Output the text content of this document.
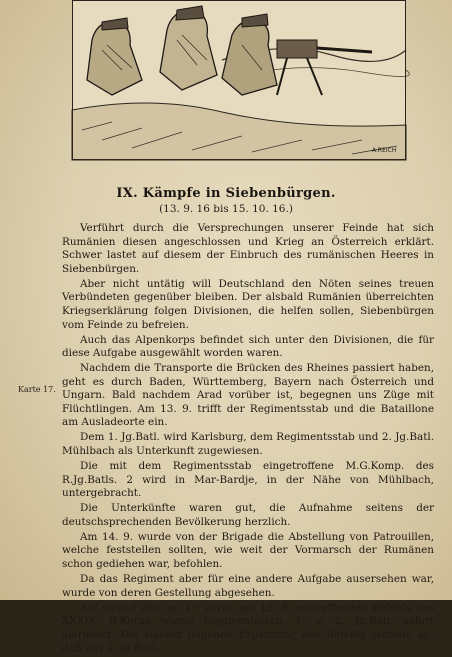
A.REICH
IX. Kämpfe in Siebenbürgen.
(13. 9. 16 bis 15. 10. 16.)
Karte 17.

Verführt durch die Versprechungen unserer Feinde hat sich Rumänien diesen angeschlossen und Krieg an Österreich erklärt. Schwer lastet auf diesem der Einbruch des rumänischen Heeres in Siebenbürgen.

Aber nicht untätig will Deutschland den Nöten seines treuen Verbündeten gegenüber bleiben. Der alsbald Rumänien überreichten Kriegserklärung folgen Divisionen, die helfen sollen, Siebenbürgen vom Feinde zu befreien.

Auch das Alpenkorps befindet sich unter den Divisionen, die für diese Aufgabe ausgewählt worden waren.

Nachdem die Transporte die Brücken des Rheines passiert haben, geht es durch Baden, Württemberg, Bayern nach Österreich und Ungarn. Bald nachdem Arad vorüber ist, begegnen uns Züge mit Flüchtlingen. Am 13. 9. trifft der Regimentsstab und die Bataillone am Ausladeorte ein.

Dem 1. Jg.Batl. wird Karlsburg, dem Regimentsstab und 2. Jg.Batl. Mühlbach als Unterkunft zugewiesen.

Die mit dem Regimentsstab eingetroffene M.G.Komp. des R.Jg.Batls. 2 wird in Mar-Bardje, in der Nähe von Mühlbach, untergebracht.

Die Unterkünfte waren gut, die Aufnahme seitens der deutschsprechenden Bevölkerung herzlich.

Am 14. 9. wurde von der Brigade die Abstellung von Patrouillen, welche feststellen sollten, wie weit der Vormarsch der Rumänen schon gediehen war, befohlen.

Da das Regiment aber für eine andere Aufgabe ausersehen war, wurde von deren Gestellung abgesehen.

Auf Grund des um 1¹⁵ vorm. am 15. 9. eintreffenden Befehls des XXXIX. R.Korps wurde Regimentsstab, 1. u. 2. Jg.Batl. sofort alarmiert. Die alsbald folgende Ergänzung des Befehls ordnete an, daß das 1. Jg.Batl.
